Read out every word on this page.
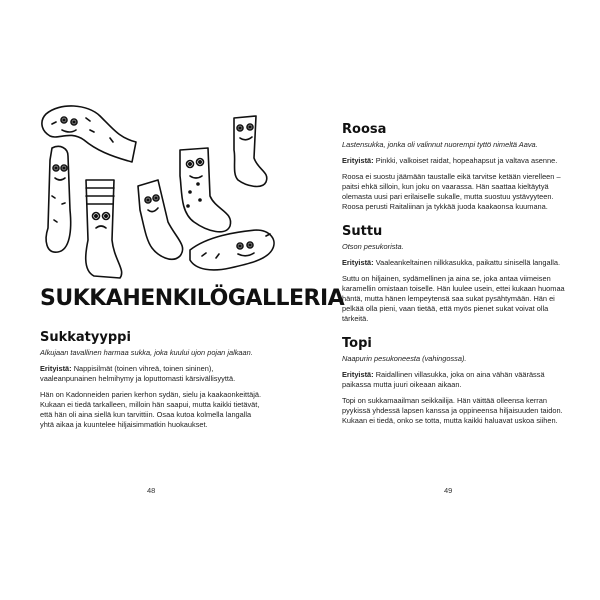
SUKKAHENKILÖGALLERIA
Sukkatyyppi

Alkujaan tavallinen harmaa sukka, joka kuului ujon pojan jalkaan.

Erityistä: Nappisilmät (toinen vihreä, toinen sininen), vaaleanpunainen helmihymy ja loputtomasti kärsivällisyyttä.

Hän on Kadonneiden parien kerhon sydän, sielu ja kaakaonkeittäjä. Kukaan ei tiedä tarkalleen, milloin hän saapui, mutta kaikki tietävät, että hän oli aina siellä kun tarvittiin. Osaa kutoa kolmella langalla yhtä aikaa ja kuuntelee hiljaisimmatkin huokaukset.

48
Roosa

Lastensukka, jonka oli valinnut nuorempi tyttö nimeltä Aava.

Erityistä: Pinkki, valkoiset raidat, hopeahapsut ja valtava asenne.

Roosa ei suostu jäämään taustalle eikä tarvitse ketään vierelleen – paitsi ehkä silloin, kun joku on vaarassa. Hän saattaa kieltäytyä olemasta uusi pari erilaiselle sukalle, mutta suostuu ystävyyteen. Roosa perusti Raitaliinan ja tykkää juoda kaakaonsa kuumana.

Suttu

Otson pesukorista.

Erityistä: Vaaleankeltainen nilkkasukka, paikattu sinisellä langalla.

Suttu on hiljainen, sydämellinen ja aina se, joka antaa viimeisen karamellin omistaan toiselle. Hän luulee usein, ettei kukaan huomaa häntä, mutta hänen lempeytensä saa sukat pysähtymään. Hän ei pelkää olla pieni, vaan tietää, että myös pienet sukat voivat olla tärkeitä.

Topi

Naapurin pesukoneesta (vahingossa).

Erityistä: Raidallinen villasukka, joka on aina vähän väärässä paikassa mutta juuri oikeaan aikaan.

Topi on sukkamaailman seikkailija. Hän väittää olleensa kerran pyykissä yhdessä lapsen kanssa ja oppineensa hiljaisuuden taidon. Kukaan ei tiedä, onko se totta, mutta kaikki haluavat uskoa siihen.

49
